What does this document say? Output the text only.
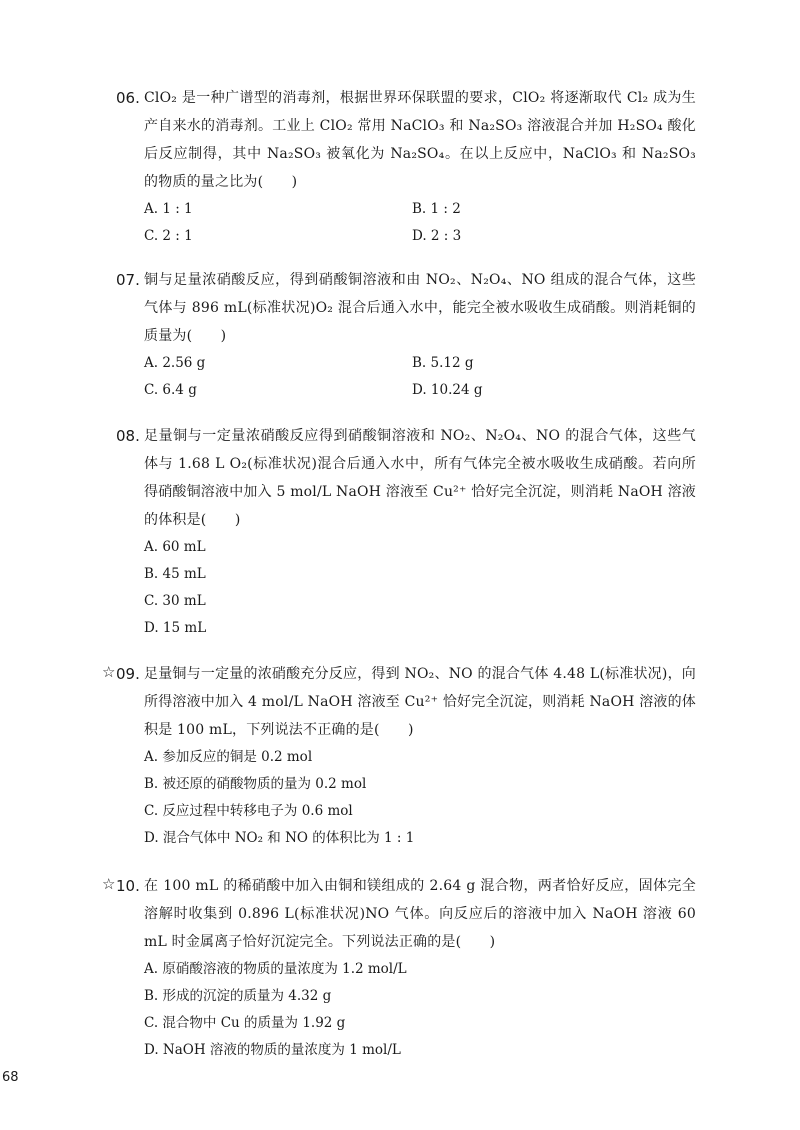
06. ClO₂ 是一种广谱型的消毒剂，根据世界环保联盟的要求，ClO₂ 将逐渐取代 Cl₂ 成为生产自来水的消毒剂。工业上 ClO₂ 常用 NaClO₃ 和 Na₂SO₃ 溶液混合并加 H₂SO₄ 酸化后反应制得，其中 Na₂SO₃ 被氧化为 Na₂SO₄。在以上反应中，NaClO₃ 和 Na₂SO₃ 的物质的量之比为(　　)
A. 1 : 1	B. 1 : 2
C. 2 : 1	D. 2 : 3
07. 铜与足量浓硝酸反应，得到硝酸铜溶液和由 NO₂、N₂O₄、NO 组成的混合气体，这些气体与 896 mL(标准状况)O₂ 混合后通入水中，能完全被水吸收生成硝酸。则消耗铜的质量为(　　)
A. 2.56 g	B. 5.12 g
C. 6.4 g	D. 10.24 g
08. 足量铜与一定量浓硝酸反应得到硝酸铜溶液和 NO₂、N₂O₄、NO 的混合气体，这些气体与 1.68 L O₂(标准状况)混合后通入水中，所有气体完全被水吸收生成硝酸。若向所得硝酸铜溶液中加入 5 mol/L NaOH 溶液至 Cu²⁺ 恰好完全沉淀，则消耗 NaOH 溶液的体积是(　　)
A. 60 mL
B. 45 mL
C. 30 mL
D. 15 mL
☆ 09. 足量铜与一定量的浓硝酸充分反应，得到 NO₂、NO 的混合气体 4.48 L(标准状况)，向所得溶液中加入 4 mol/L NaOH 溶液至 Cu²⁺ 恰好完全沉淀，则消耗 NaOH 溶液的体积是 100 mL，下列说法不正确的是(　　)
A. 参加反应的铜是 0.2 mol
B. 被还原的硝酸物质的量为 0.2 mol
C. 反应过程中转移电子为 0.6 mol
D. 混合气体中 NO₂ 和 NO 的体积比为 1 : 1
☆ 10. 在 100 mL 的稀硝酸中加入由铜和镁组成的 2.64 g 混合物，两者恰好反应，固体完全溶解时收集到 0.896 L(标准状况)NO 气体。向反应后的溶液中加入 NaOH 溶液 60 mL 时金属离子恰好沉淀完全。下列说法正确的是(　　)
A. 原硝酸溶液的物质的量浓度为 1.2 mol/L
B. 形成的沉淀的质量为 4.32 g
C. 混合物中 Cu 的质量为 1.92 g
D. NaOH 溶液的物质的量浓度为 1 mol/L
68
